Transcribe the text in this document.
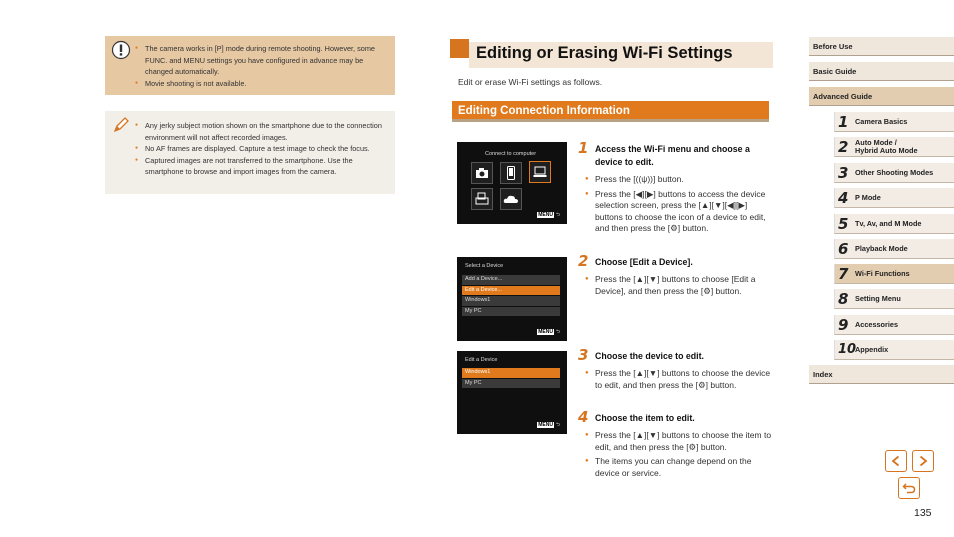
● The camera works in [P] mode during remote shooting. However, some FUNC. and MENU settings you have configured in advance may be changed automatically.
● Movie shooting is not available.
● Any jerky subject motion shown on the smartphone due to the connection environment will not affect recorded images.
● No AF frames are displayed. Capture a test image to check the focus.
● Captured images are not transferred to the smartphone. Use the smartphone to browse and import images from the camera.
Editing or Erasing Wi-Fi Settings
Edit or erase Wi-Fi settings as follows.
Editing Connection Information
Connect to computer
MENU ⮌
Select a Device
Add a Device...
Edit a Device...
Windows1
My PC
MENU ⮌
Edit a Device
Windows1
My PC
MENU ⮌
1 Access the Wi-Fi menu and choose a device to edit.
● Press the [((ψ))] button.
● Press the [◀][▶] buttons to access the device selection screen, press the [▲][▼][◀][▶] buttons to choose the icon of a device to edit, and then press the [⚙] button.
2 Choose [Edit a Device].
● Press the [▲][▼] buttons to choose [Edit a Device], and then press the [⚙] button.
3 Choose the device to edit.
● Press the [▲][▼] buttons to choose the device to edit, and then press the [⚙] button.
4 Choose the item to edit.
● Press the [▲][▼] buttons to choose the item to edit, and then press the [⚙] button.
● The items you can change depend on the device or service.
Before Use
Basic Guide
Advanced Guide
1 Camera Basics
2 Auto Mode /
Hybrid Auto Mode
3 Other Shooting Modes
4 P Mode
5 Tv, Av, and M Mode
6 Playback Mode
7 Wi-Fi Functions
8 Setting Menu
9 Accessories
10
Appendix
Index
135
